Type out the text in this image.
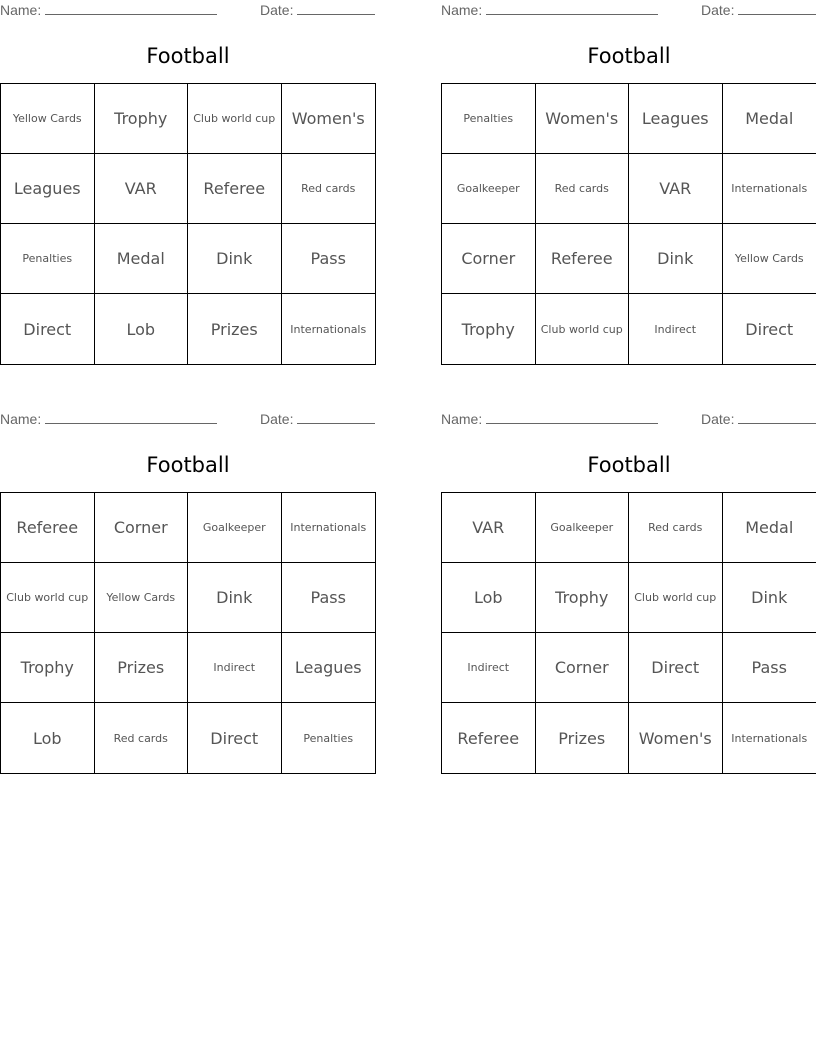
Name:	Date:
Football
Yellow Cards	Trophy	Club world cup	Women's
Leagues	VAR	Referee	Red cards
Penalties	Medal	Dink	Pass
Direct	Lob	Prizes	Internationals
Name:	Date:
Football
Penalties	Women's	Leagues	Medal
Goalkeeper	Red cards	VAR	Internationals
Corner	Referee	Dink	Yellow Cards
Trophy	Club world cup	Indirect	Direct
Name:	Date:
Football
Referee	Corner	Goalkeeper	Internationals
Club world cup	Yellow Cards	Dink	Pass
Trophy	Prizes	Indirect	Leagues
Lob	Red cards	Direct	Penalties
Name:	Date:
Football
VAR	Goalkeeper	Red cards	Medal
Lob	Trophy	Club world cup	Dink
Indirect	Corner	Direct	Pass
Referee	Prizes	Women's	Internationals
